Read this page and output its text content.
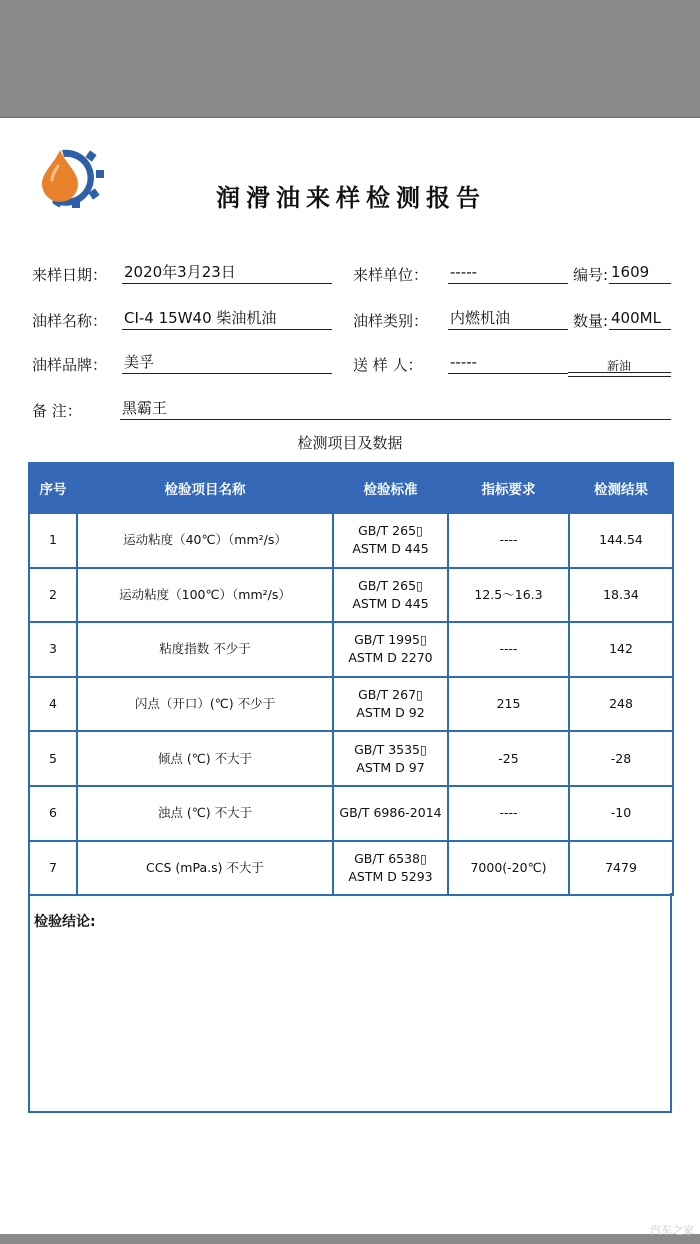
润滑油来样检测报告
来样日期： 2020年3月23日	来样单位： -----	编号: 1609
油样名称： CI-4 15W40 柴油机油	油样类别： 内燃机油	数量: 400ML
油样品牌： 美孚	送 样 人： -----	新油
备 注：	黑霸王
检测项目及数据
序号	检验项目名称	检验标准	指标要求	检测结果
1	运动粘度（40℃）（mm²/s）	GB/T 265▯
ASTM D 445	----	144.54
2	运动粘度（100℃）（mm²/s）	GB/T 265▯
ASTM D 445	12.5～16.3	18.34
3	粘度指数 不少于	GB/T 1995▯
ASTM D 2270	----	142
4	闪点（开口）(℃) 不少于	GB/T 267▯
ASTM D 92	215	248
5	倾点 (℃) 不大于	GB/T 3535▯
ASTM D 97	-25	-28
6	浊点 (℃) 不大于	GB/T 6986-2014	----	-10
7	CCS (mPa.s) 不大于	GB/T 6538▯
ASTM D 5293	7000(-20℃)	7479
检验结论:
汽车之家
